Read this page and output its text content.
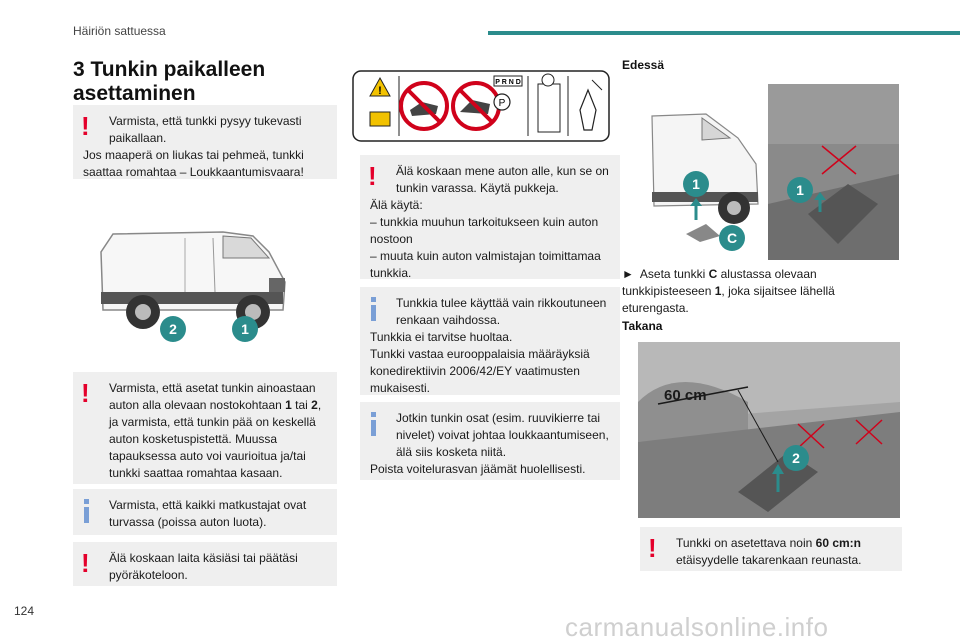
Häiriön sattuessa
3 Tunkin paikalleen asettaminen
!	Varmista, että tunkki pysyy tukevasti

paikallaan.

Jos maaperä on liukas tai pehmeä, tunkki saattaa romahtaa – Loukkaantumisvaara!

2	1
!	Varmista, että asetat tunkin ainoastaan auton alla olevaan nostokohtaan 1 tai 2, ja varmista, että tunkin pää on keskellä auton kosketuspistettä. Muussa tapauksessa auto voi vaurioitua ja/tai tunkki saattaa romahtaa kasaan.

Varmista, että kaikki matkustajat ovat turvassa (poissa auton luota).

!	Älä koskaan laita käsiäsi tai päätäsi pyöräkoteloon.

!
P R N D
P
!	Älä koskaan mene auton alle, kun se on tunkin varassa. Käytä pukkeja.

Älä käytä:

– tunkkia muuhun tarkoitukseen kuin auton nostoon

– muuta kuin auton valmistajan toimittamaa tunkkia.

Tunkkia tulee käyttää vain rikkoutuneen renkaan vaihdossa.

Tunkkia ei tarvitse huoltaa.

Tunkki vastaa eurooppalaisia määräyksiä konedirektiivin 2006/42/EY vaatimusten mukaisesti.

Jotkin tunkin osat (esim. ruuvikierre tai nivelet) voivat johtaa loukkaantumiseen, älä siis kosketa niitä.

Poista voitelurasvan jäämät huolellisesti.

Edessä
1
C
1
► Aseta tunkki C alustassa olevaan tunkkipisteeseen 1, joka sijaitsee lähellä eturengasta.
Takana
60 cm
2
!	Tunkki on asetettava noin 60 cm:n etäisyydelle takarenkaan reunasta.

124
carmanualsonline.info
